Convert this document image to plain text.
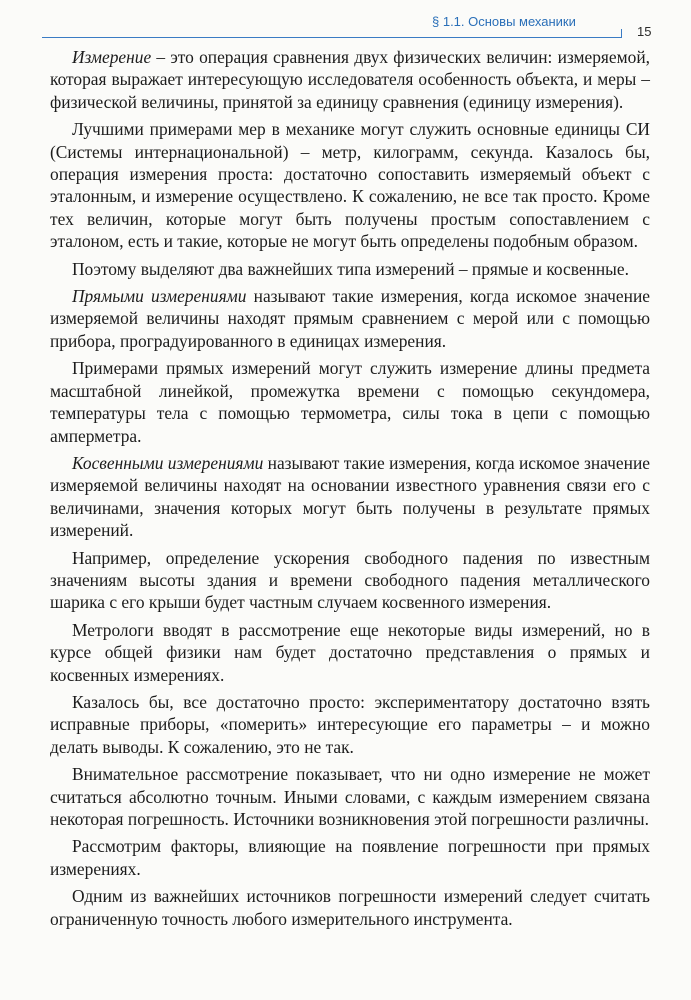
§ 1.1. Основы механики
15

Измерение – это операция сравнения двух физических величин: измеряемой, которая выражает интересующую исследователя особенность объекта, и меры – физической величины, принятой за единицу сравнения (единицу измерения).

Лучшими примерами мер в механике могут служить основные единицы СИ (Системы интернациональной) – метр, килограмм, секунда. Казалось бы, операция измерения проста: достаточно сопоставить измеряемый объект с эталонным, и измерение осуществлено. К сожалению, не все так просто. Кроме тех величин, которые могут быть получены простым сопоставлением с эталоном, есть и такие, которые не могут быть определены подобным образом.

Поэтому выделяют два важнейших типа измерений – прямые и косвенные.

Прямыми измерениями называют такие измерения, когда искомое значение измеряемой величины находят прямым сравнением с мерой или с помощью прибора, проградуированного в единицах измерения.

Примерами прямых измерений могут служить измерение длины предмета масштабной линейкой, промежутка времени с помощью секундомера, температуры тела с помощью термометра, силы тока в цепи с помощью амперметра.

Косвенными измерениями называют такие измерения, когда искомое значение измеряемой величины находят на основании известного уравнения связи его с величинами, значения которых могут быть получены в результате прямых измерений.

Например, определение ускорения свободного падения по известным значениям высоты здания и времени свободного падения металлического шарика с его крыши будет частным случаем косвенного измерения.

Метрологи вводят в рассмотрение еще некоторые виды измерений, но в курсе общей физики нам будет достаточно представления о прямых и косвенных измерениях.

Казалось бы, все достаточно просто: экспериментатору достаточно взять исправные приборы, «померить» интересующие его параметры – и можно делать выводы. К сожалению, это не так.

Внимательное рассмотрение показывает, что ни одно измерение не может считаться абсолютно точным. Иными словами, с каждым измерением связана некоторая погрешность. Источники возникновения этой погрешности различны.

Рассмотрим факторы, влияющие на появление погрешности при прямых измерениях.

Одним из важнейших источников погрешности измерений следует считать ограниченную точность любого измерительного инструмента.
